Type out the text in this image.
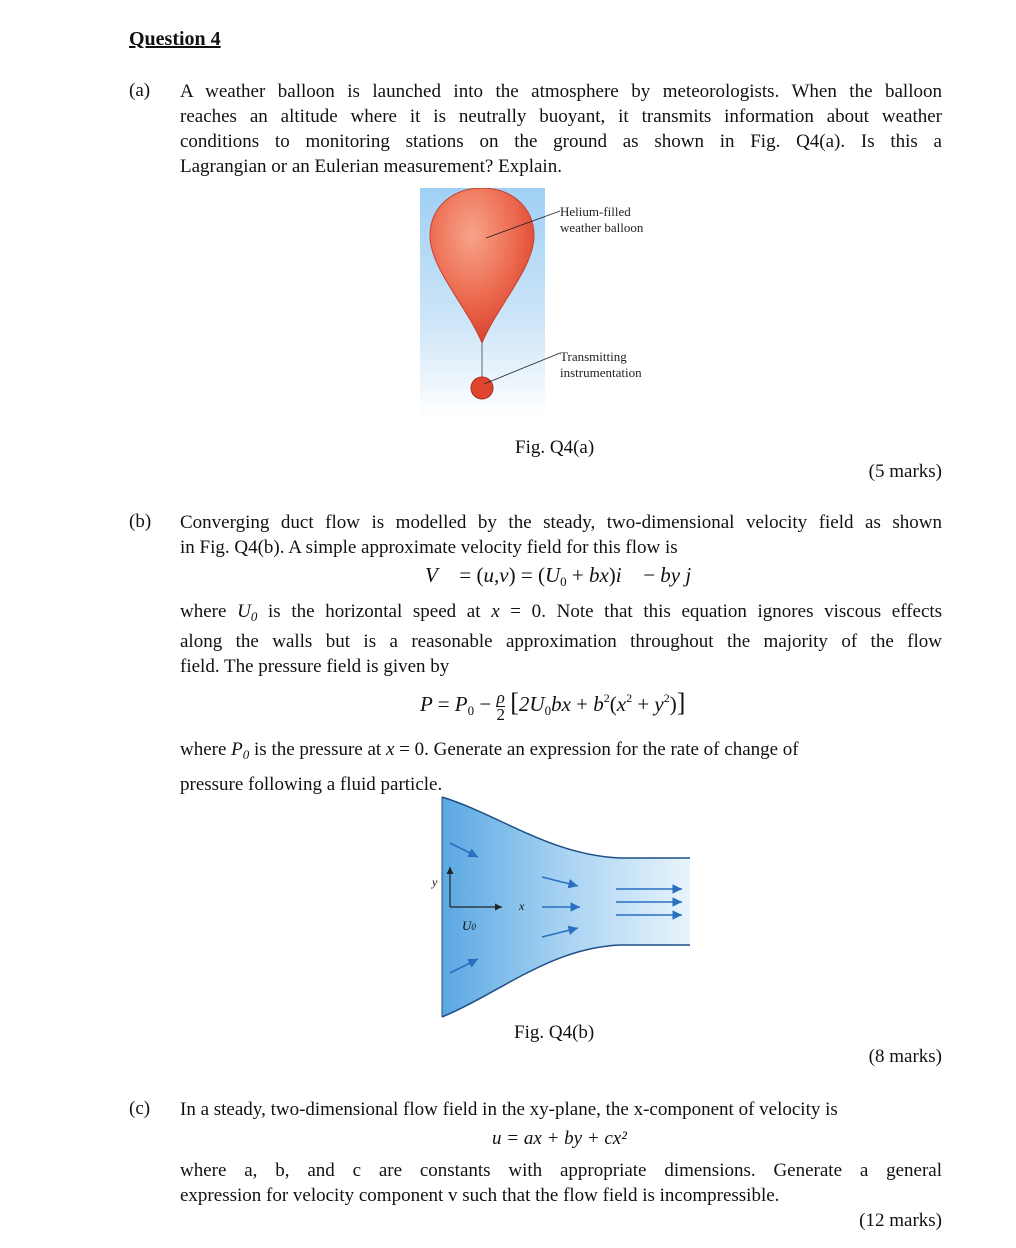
Question 4
(a) A weather balloon is launched into the atmosphere by meteorologists. When the balloon
reaches an altitude where it is neutrally buoyant, it transmits information about weather
conditions to monitoring stations on the ground as shown in Fig. Q4(a). Is this a
Lagrangian or an Eulerian measurement? Explain.
Helium-filled
weather balloon
Transmitting
instrumentation
Fig. Q4(a)
(5 marks)
(b) Converging duct flow is modelled by the steady, two-dimensional velocity field as shown
in Fig. Q4(b). A simple approximate velocity field for this flow is
V⃗ = $(u,v) = (U_0$ + bx)i⃗ − by j⃗
where $U_0$ is the horizontal speed at x = 0. Note that this equation ignores viscous effects
along the walls but is a reasonable approximation throughout the majority of the flow
field. The pressure field is given by
$P = P_0 - \frac{\rho}{2} [2U_0bx + b^2(x^2 + y^2)]$
where $P_0$ is the pressure at x = 0. Generate an expression for the rate of change of
pressure following a fluid particle.
y
x
U0
Fig. Q4(b)
(8 marks)
(c) In a steady, two-dimensional flow field in the xy-plane, the x-component of velocity is
u = ax + by + cx²
where a, b, and c are constants with appropriate dimensions. Generate a general
expression for velocity component v such that the flow field is incompressible.
(12 marks)
